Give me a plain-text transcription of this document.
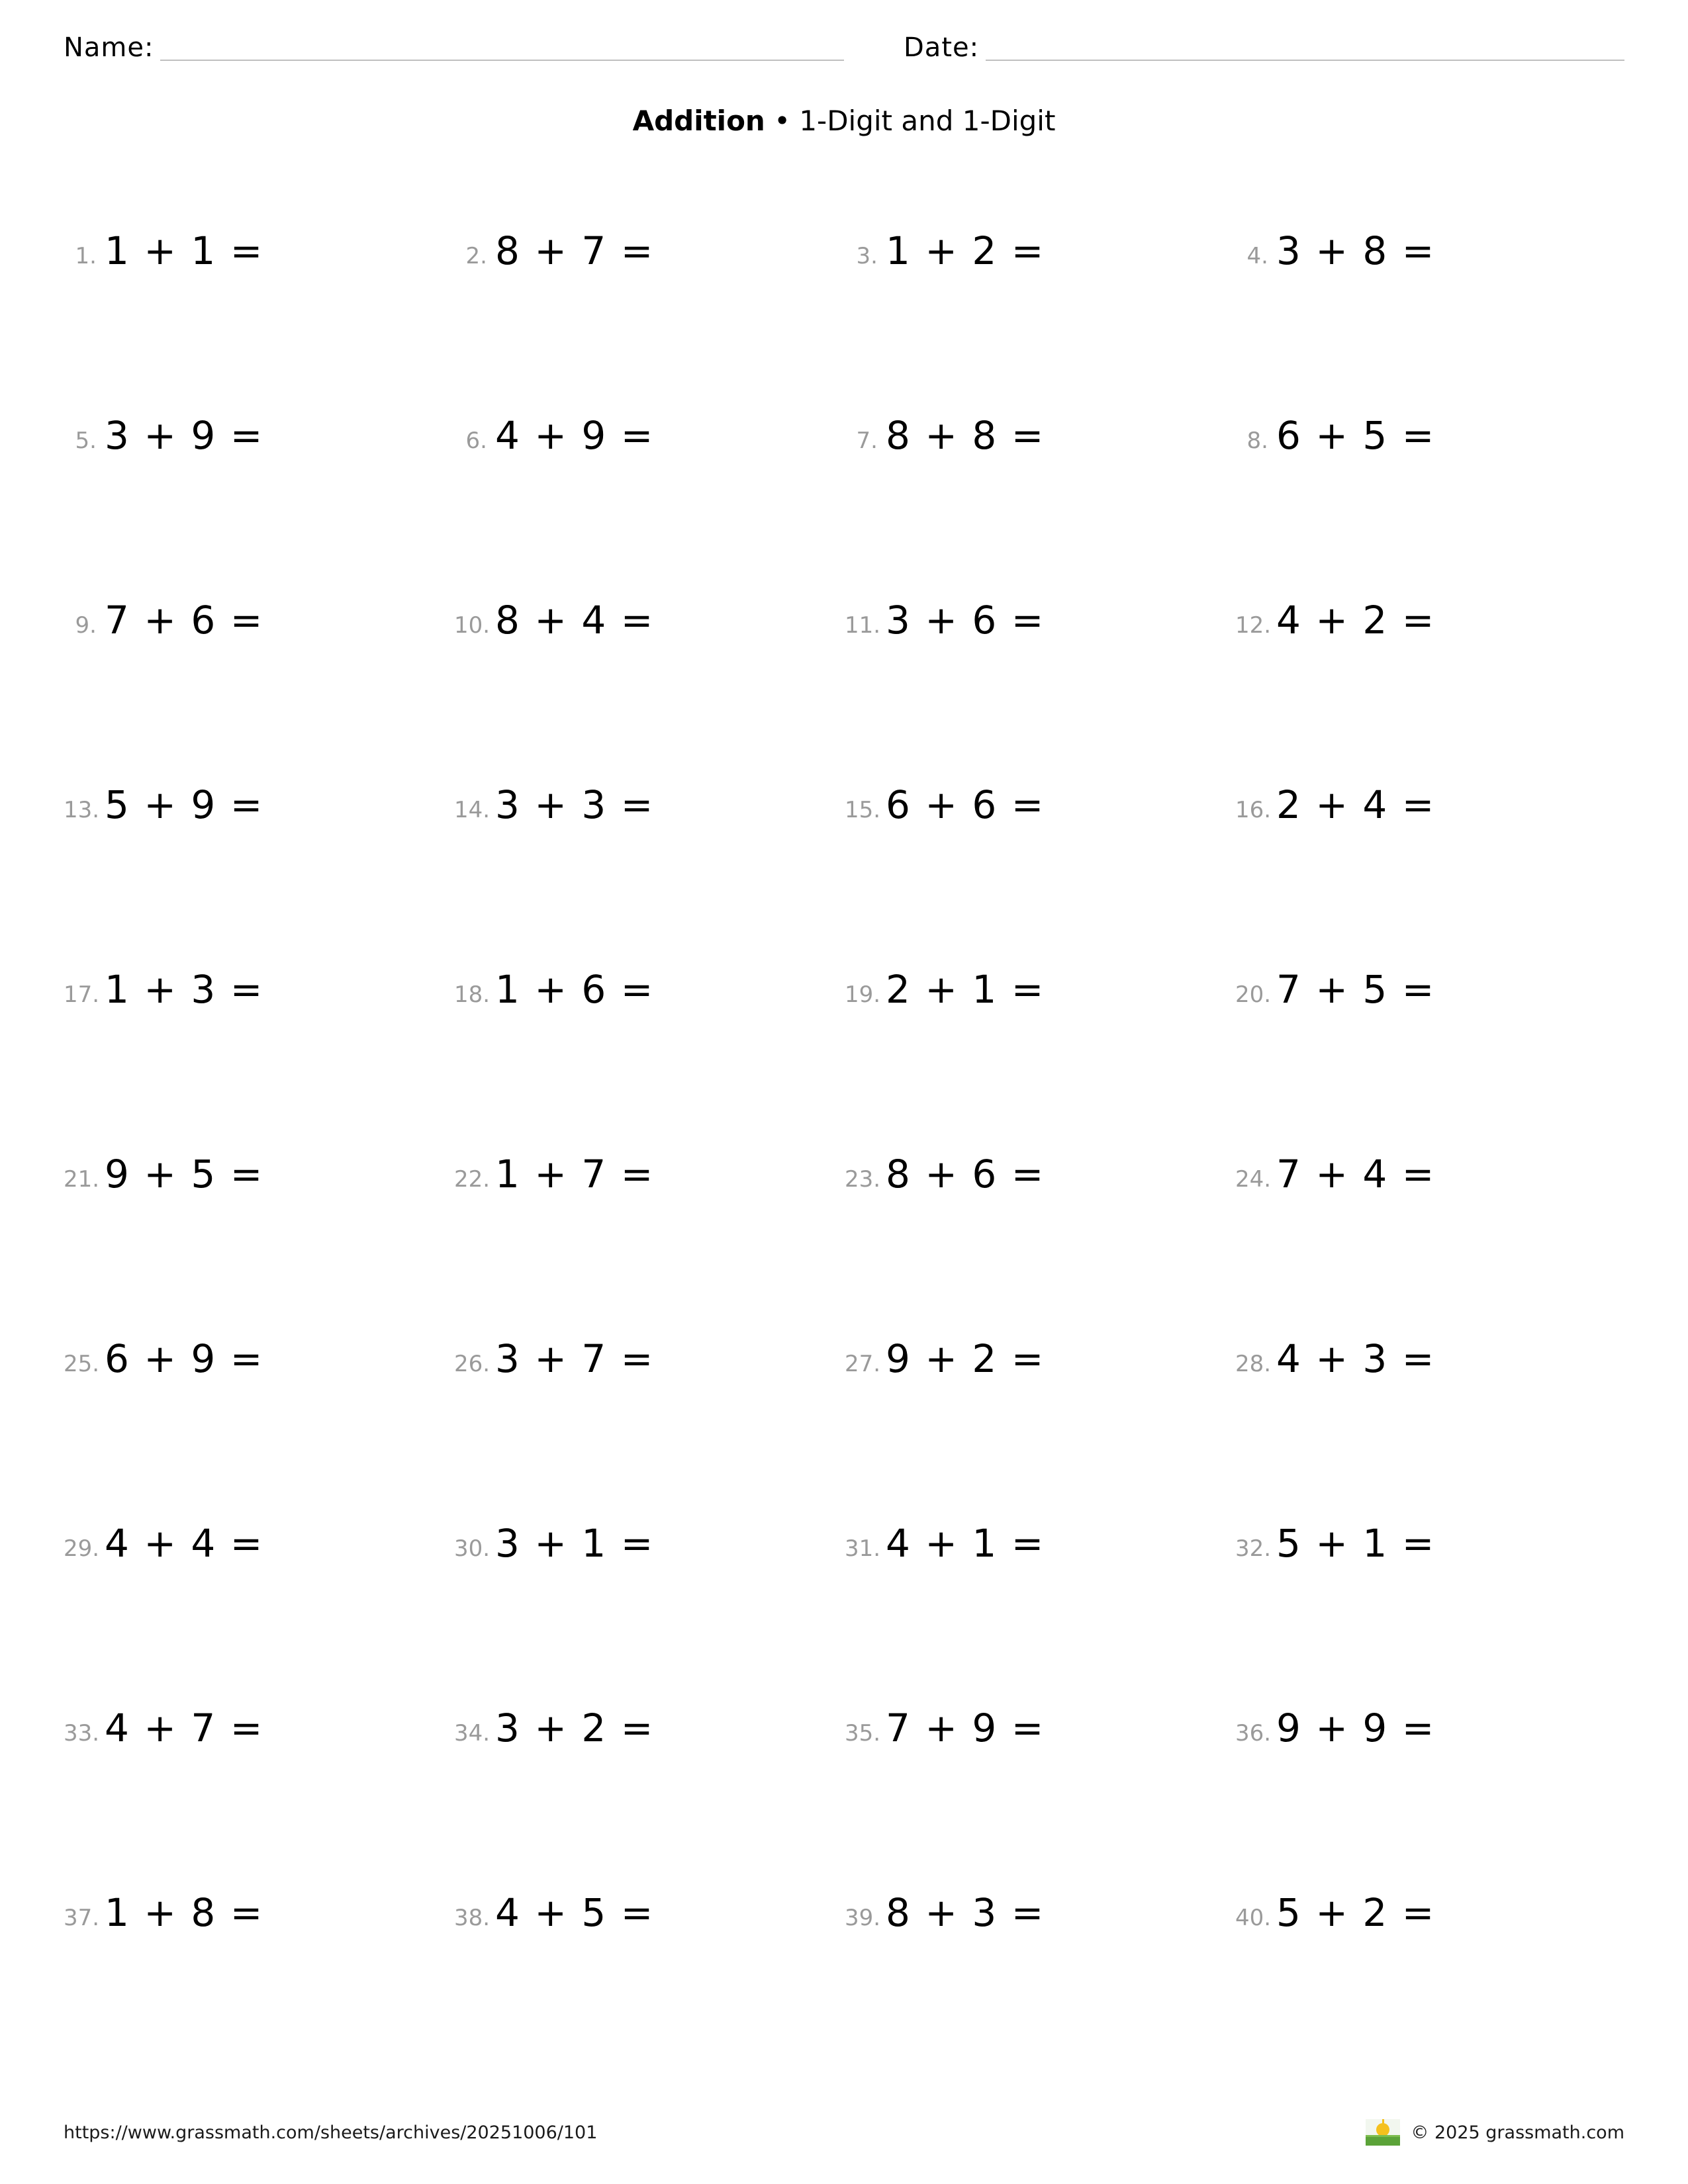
Name:	Date:
Addition • 1-Digit and 1-Digit
1. 1 + 1 =	2. 8 + 7 =	3. 1 + 2 =	4. 3 + 8 =
5. 3 + 9 =	6. 4 + 9 =	7. 8 + 8 =	8. 6 + 5 =
9. 7 + 6 =	10. 8 + 4 =	11. 3 + 6 =	12. 4 + 2 =
13. 5 + 9 =	14. 3 + 3 =	15. 6 + 6 =	16. 2 + 4 =
17. 1 + 3 =	18. 1 + 6 =	19. 2 + 1 =	20. 7 + 5 =
21. 9 + 5 =	22. 1 + 7 =	23. 8 + 6 =	24. 7 + 4 =
25. 6 + 9 =	26. 3 + 7 =	27. 9 + 2 =	28. 4 + 3 =
29. 4 + 4 =	30. 3 + 1 =	31. 4 + 1 =	32. 5 + 1 =
33. 4 + 7 =	34. 3 + 2 =	35. 7 + 9 =	36. 9 + 9 =
37. 1 + 8 =	38. 4 + 5 =	39. 8 + 3 =	40. 5 + 2 =
https://www.grassmath.com/sheets/archives/20251006/101	© 2025 grassmath.com
